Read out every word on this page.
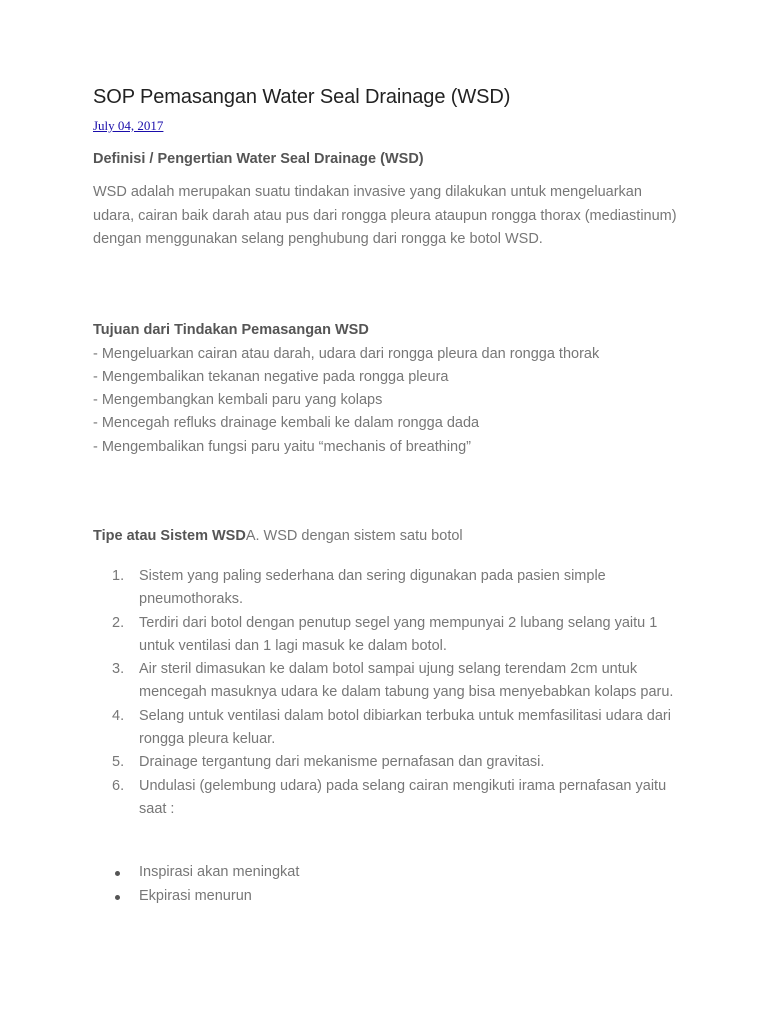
SOP Pemasangan Water Seal Drainage (WSD)
July 04, 2017
Definisi / Pengertian Water Seal Drainage (WSD)

WSD adalah merupakan suatu tindakan invasive yang dilakukan untuk mengeluarkan udara, cairan baik darah atau pus dari rongga pleura ataupun rongga thorax (mediastinum) dengan menggunakan selang penghubung dari rongga ke botol WSD.

Tujuan dari Tindakan Pemasangan WSD
- Mengeluarkan cairan atau darah, udara dari rongga pleura dan rongga thorak
- Mengembalikan tekanan negative pada rongga pleura
- Mengembangkan kembali paru yang kolaps
- Mencegah refluks drainage kembali ke dalam rongga dada
- Mengembalikan fungsi paru yaitu “mechanis of breathing”
Tipe atau Sistem WSDA. WSD dengan sistem satu botol
1. Sistem yang paling sederhana dan sering digunakan pada pasien simple pneumothoraks.
2. Terdiri dari botol dengan penutup segel yang mempunyai 2 lubang selang yaitu 1 untuk ventilasi dan 1 lagi masuk ke dalam botol.
3. Air steril dimasukan ke dalam botol sampai ujung selang terendam 2cm untuk mencegah masuknya udara ke dalam tabung yang bisa menyebabkan kolaps paru.
4. Selang untuk ventilasi dalam botol dibiarkan terbuka untuk memfasilitasi udara dari rongga pleura keluar.
5. Drainage tergantung dari mekanisme pernafasan dan gravitasi.
6. Undulasi (gelembung udara) pada selang cairan mengikuti irama pernafasan yaitu saat :
Inspirasi akan meningkat
Ekpirasi menurun
